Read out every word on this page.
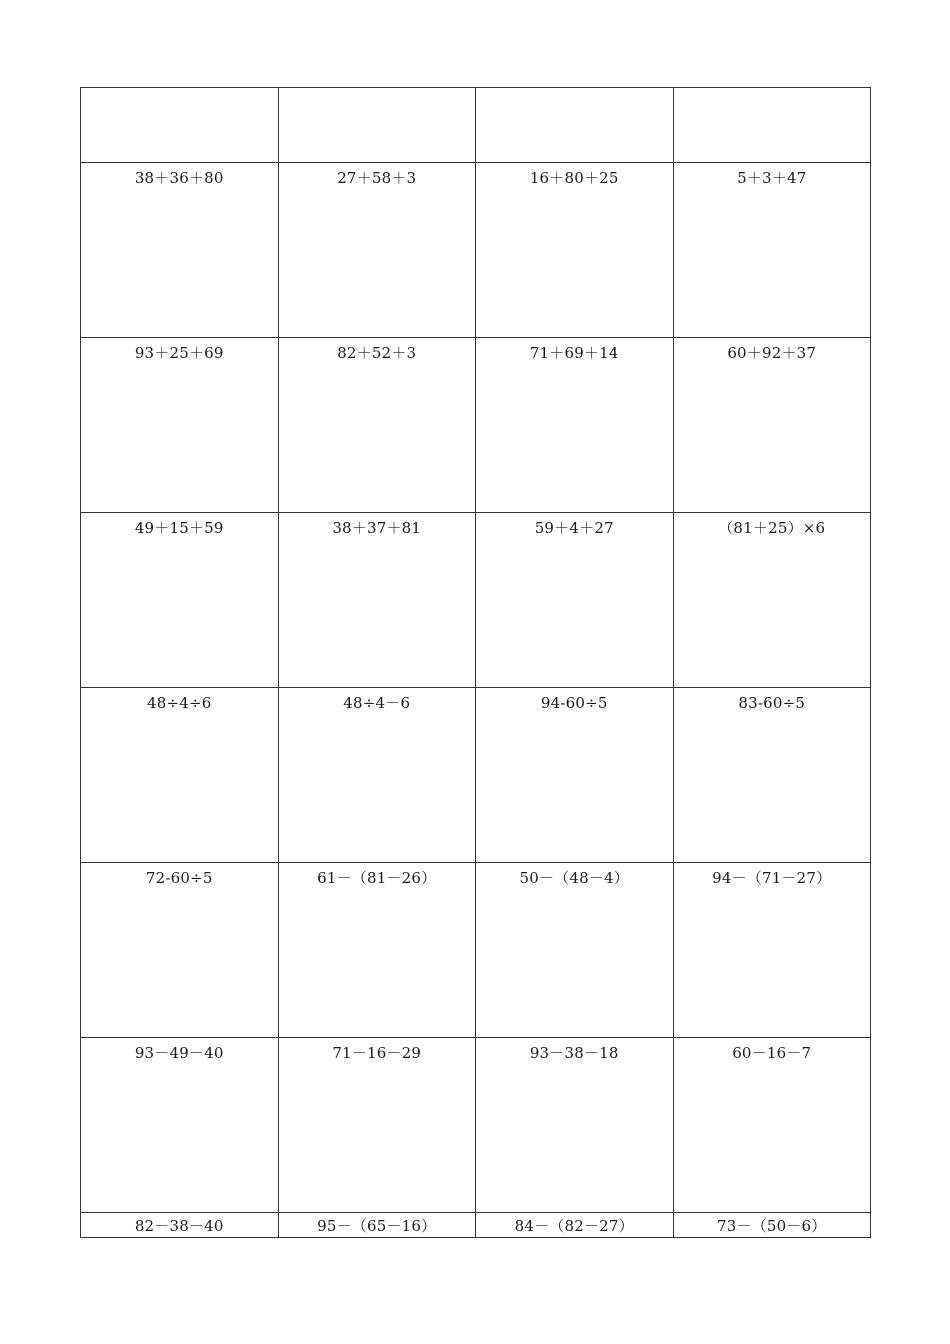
38＋36＋80	27＋58＋3	16＋80＋25	5＋3＋47

93＋25＋69	82＋52＋3	71＋69＋14	60＋92＋37

49＋15＋59	38＋37＋81	59＋4＋27	（81＋25）×6

48÷4÷6	48÷4－6	94-60÷5	83-60÷5

72-60÷5	61－（81－26）	50－（48－4）	94－（71－27）

93－49－40	71－16－29	93－38－18	60－16－7

82－38－40	95－（65－16）	84－（82－27）	73－（50－6）
